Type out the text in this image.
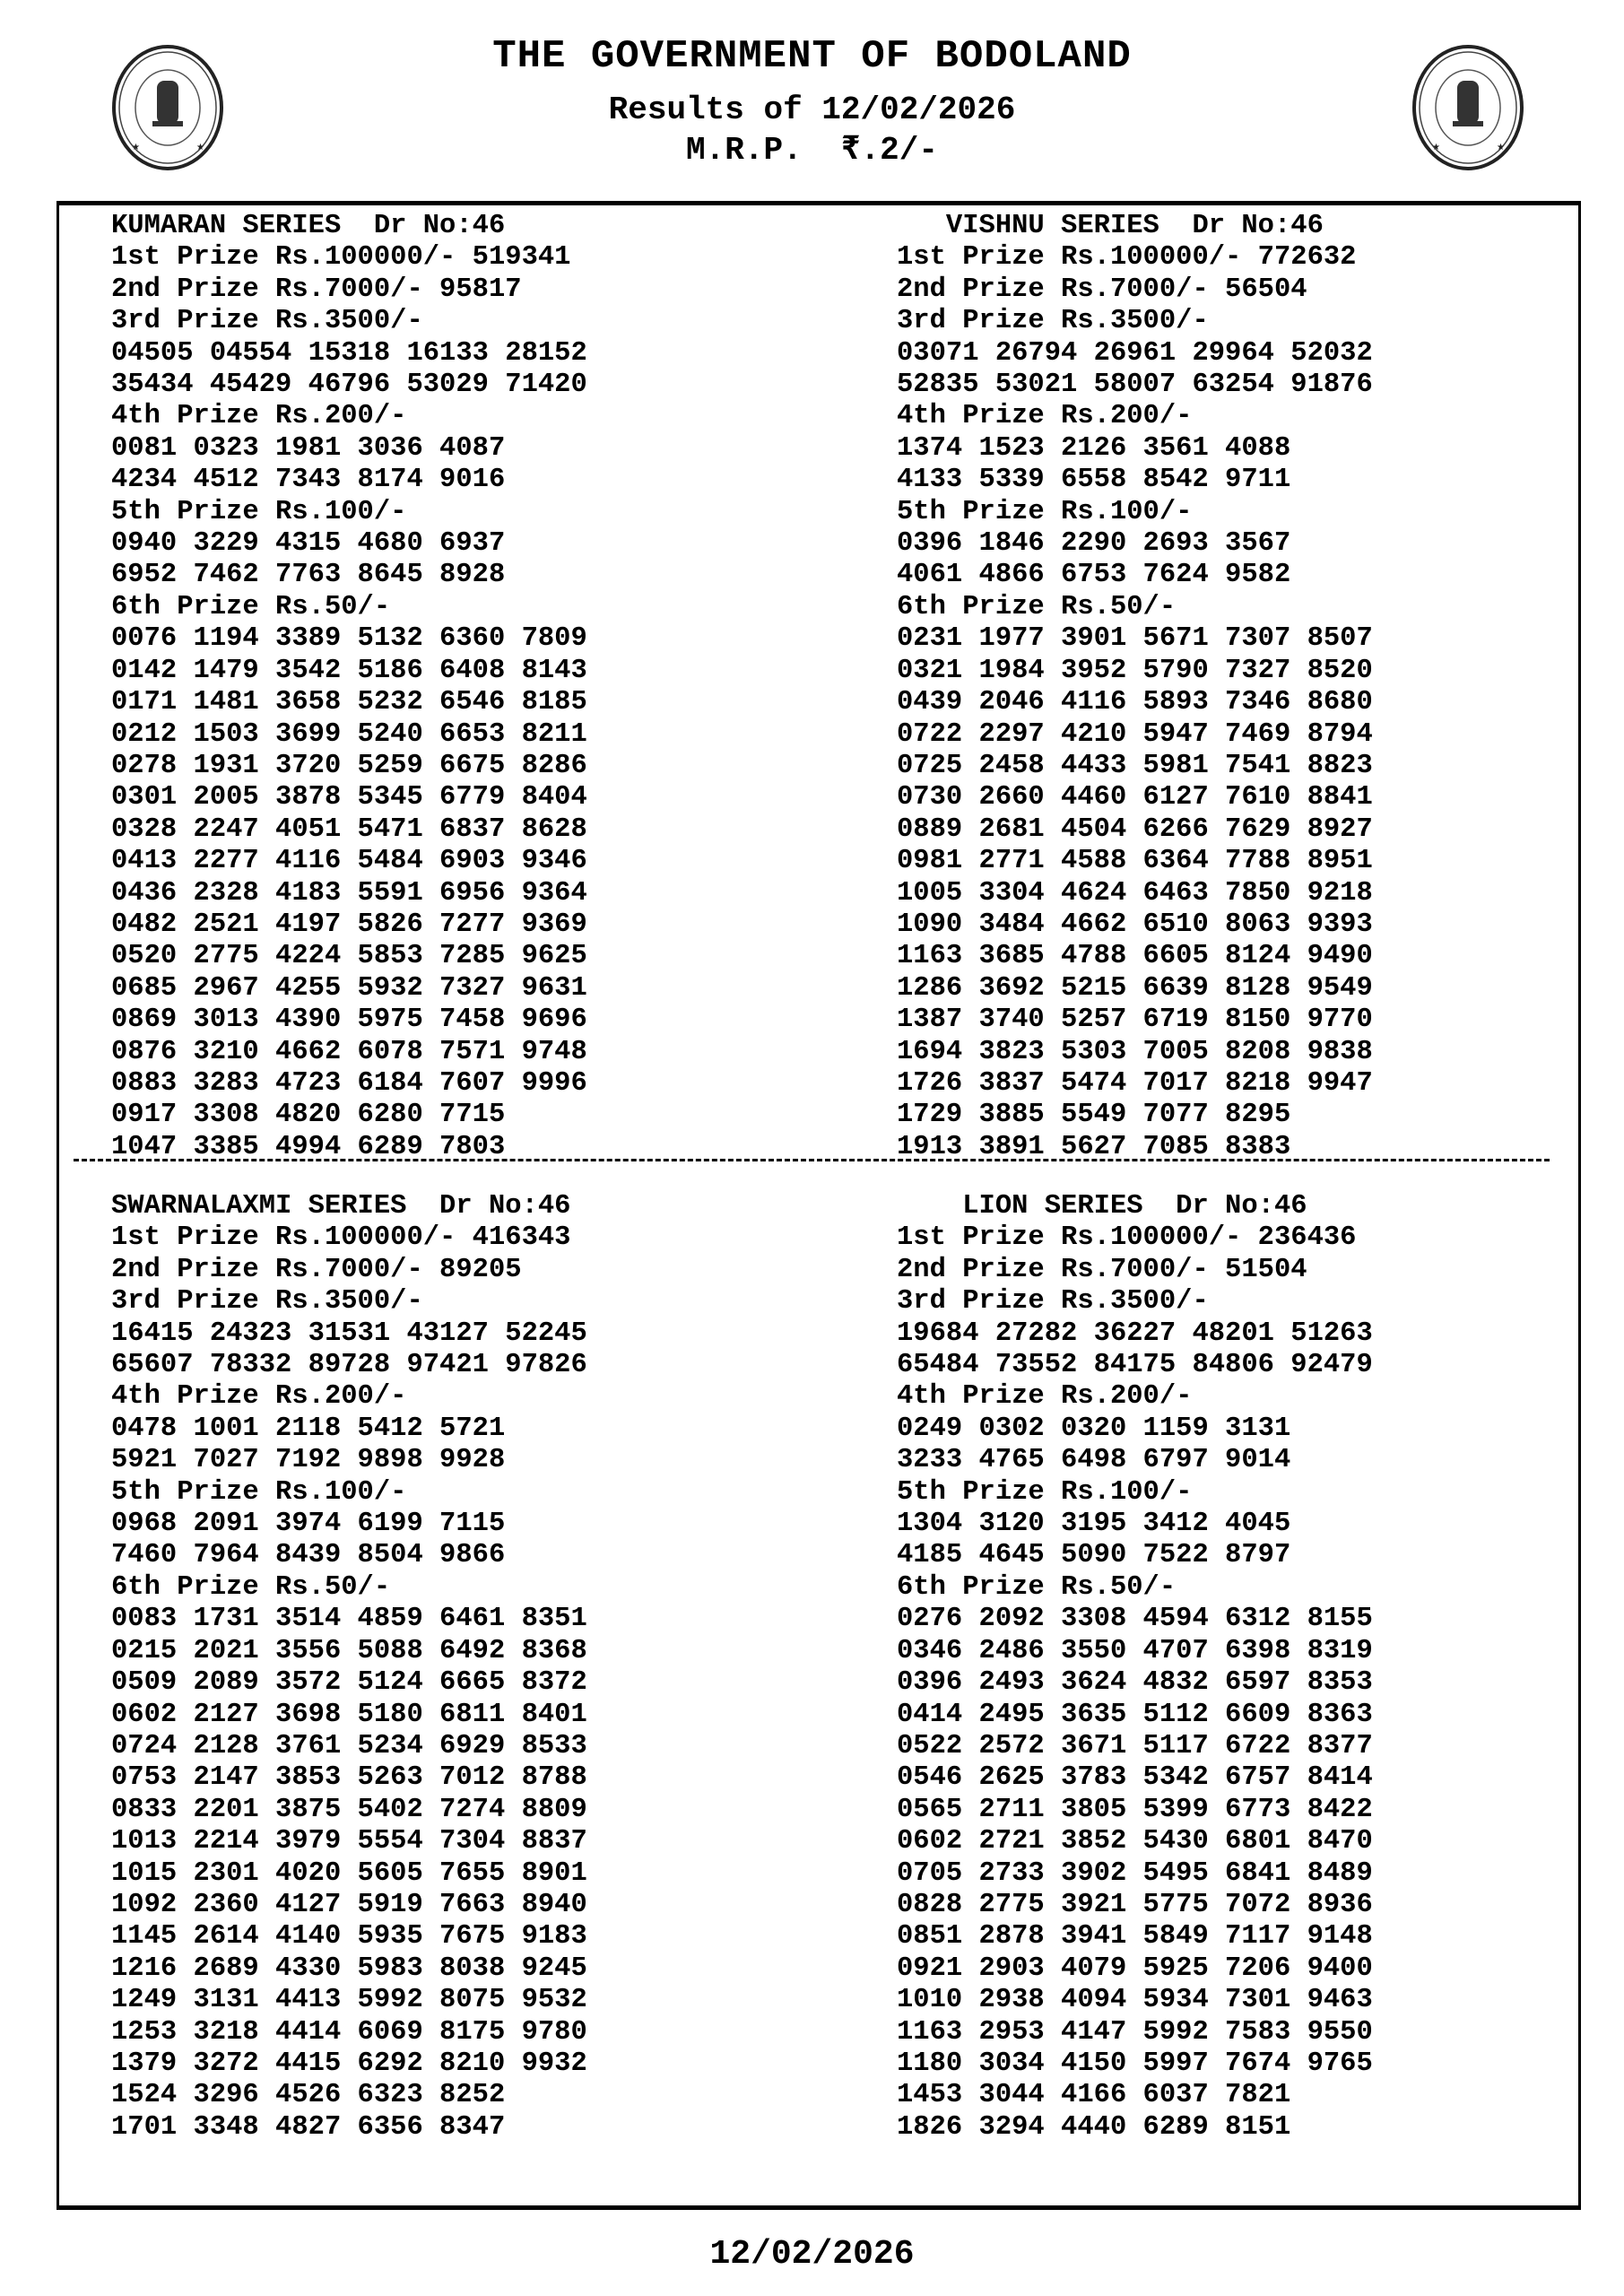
★	★	★	★
THE GOVERNMENT OF BODOLAND
Results of 12/02/2026
M.R.P.  ₹.2/-
KUMARAN SERIES  Dr No:46
1st Prize Rs.100000/- 519341
2nd Prize Rs.7000/- 95817
3rd Prize Rs.3500/-
04505 04554 15318 16133 28152
35434 45429 46796 53029 71420
4th Prize Rs.200/-
0081 0323 1981 3036 4087
4234 4512 7343 8174 9016
5th Prize Rs.100/-
0940 3229 4315 4680 6937
6952 7462 7763 8645 8928
6th Prize Rs.50/-
0076 1194 3389 5132 6360 7809
0142 1479 3542 5186 6408 8143
0171 1481 3658 5232 6546 8185
0212 1503 3699 5240 6653 8211
0278 1931 3720 5259 6675 8286
0301 2005 3878 5345 6779 8404
0328 2247 4051 5471 6837 8628
0413 2277 4116 5484 6903 9346
0436 2328 4183 5591 6956 9364
0482 2521 4197 5826 7277 9369
0520 2775 4224 5853 7285 9625
0685 2967 4255 5932 7327 9631
0869 3013 4390 5975 7458 9696
0876 3210 4662 6078 7571 9748
0883 3283 4723 6184 7607 9996
0917 3308 4820 6280 7715
1047 3385 4994 6289 7803
VISHNU SERIES  Dr No:46
1st Prize Rs.100000/- 772632
2nd Prize Rs.7000/- 56504
3rd Prize Rs.3500/-
03071 26794 26961 29964 52032
52835 53021 58007 63254 91876
4th Prize Rs.200/-
1374 1523 2126 3561 4088
4133 5339 6558 8542 9711
5th Prize Rs.100/-
0396 1846 2290 2693 3567
4061 4866 6753 7624 9582
6th Prize Rs.50/-
0231 1977 3901 5671 7307 8507
0321 1984 3952 5790 7327 8520
0439 2046 4116 5893 7346 8680
0722 2297 4210 5947 7469 8794
0725 2458 4433 5981 7541 8823
0730 2660 4460 6127 7610 8841
0889 2681 4504 6266 7629 8927
0981 2771 4588 6364 7788 8951
1005 3304 4624 6463 7850 9218
1090 3484 4662 6510 8063 9393
1163 3685 4788 6605 8124 9490
1286 3692 5215 6639 8128 9549
1387 3740 5257 6719 8150 9770
1694 3823 5303 7005 8208 9838
1726 3837 5474 7017 8218 9947
1729 3885 5549 7077 8295
1913 3891 5627 7085 8383
SWARNALAXMI SERIES  Dr No:46
1st Prize Rs.100000/- 416343
2nd Prize Rs.7000/- 89205
3rd Prize Rs.3500/-
16415 24323 31531 43127 52245
65607 78332 89728 97421 97826
4th Prize Rs.200/-
0478 1001 2118 5412 5721
5921 7027 7192 9898 9928
5th Prize Rs.100/-
0968 2091 3974 6199 7115
7460 7964 8439 8504 9866
6th Prize Rs.50/-
0083 1731 3514 4859 6461 8351
0215 2021 3556 5088 6492 8368
0509 2089 3572 5124 6665 8372
0602 2127 3698 5180 6811 8401
0724 2128 3761 5234 6929 8533
0753 2147 3853 5263 7012 8788
0833 2201 3875 5402 7274 8809
1013 2214 3979 5554 7304 8837
1015 2301 4020 5605 7655 8901
1092 2360 4127 5919 7663 8940
1145 2614 4140 5935 7675 9183
1216 2689 4330 5983 8038 9245
1249 3131 4413 5992 8075 9532
1253 3218 4414 6069 8175 9780
1379 3272 4415 6292 8210 9932
1524 3296 4526 6323 8252
1701 3348 4827 6356 8347
LION SERIES  Dr No:46
1st Prize Rs.100000/- 236436
2nd Prize Rs.7000/- 51504
3rd Prize Rs.3500/-
19684 27282 36227 48201 51263
65484 73552 84175 84806 92479
4th Prize Rs.200/-
0249 0302 0320 1159 3131
3233 4765 6498 6797 9014
5th Prize Rs.100/-
1304 3120 3195 3412 4045
4185 4645 5090 7522 8797
6th Prize Rs.50/-
0276 2092 3308 4594 6312 8155
0346 2486 3550 4707 6398 8319
0396 2493 3624 4832 6597 8353
0414 2495 3635 5112 6609 8363
0522 2572 3671 5117 6722 8377
0546 2625 3783 5342 6757 8414
0565 2711 3805 5399 6773 8422
0602 2721 3852 5430 6801 8470
0705 2733 3902 5495 6841 8489
0828 2775 3921 5775 7072 8936
0851 2878 3941 5849 7117 9148
0921 2903 4079 5925 7206 9400
1010 2938 4094 5934 7301 9463
1163 2953 4147 5992 7583 9550
1180 3034 4150 5997 7674 9765
1453 3044 4166 6037 7821
1826 3294 4440 6289 8151
12/02/2026
